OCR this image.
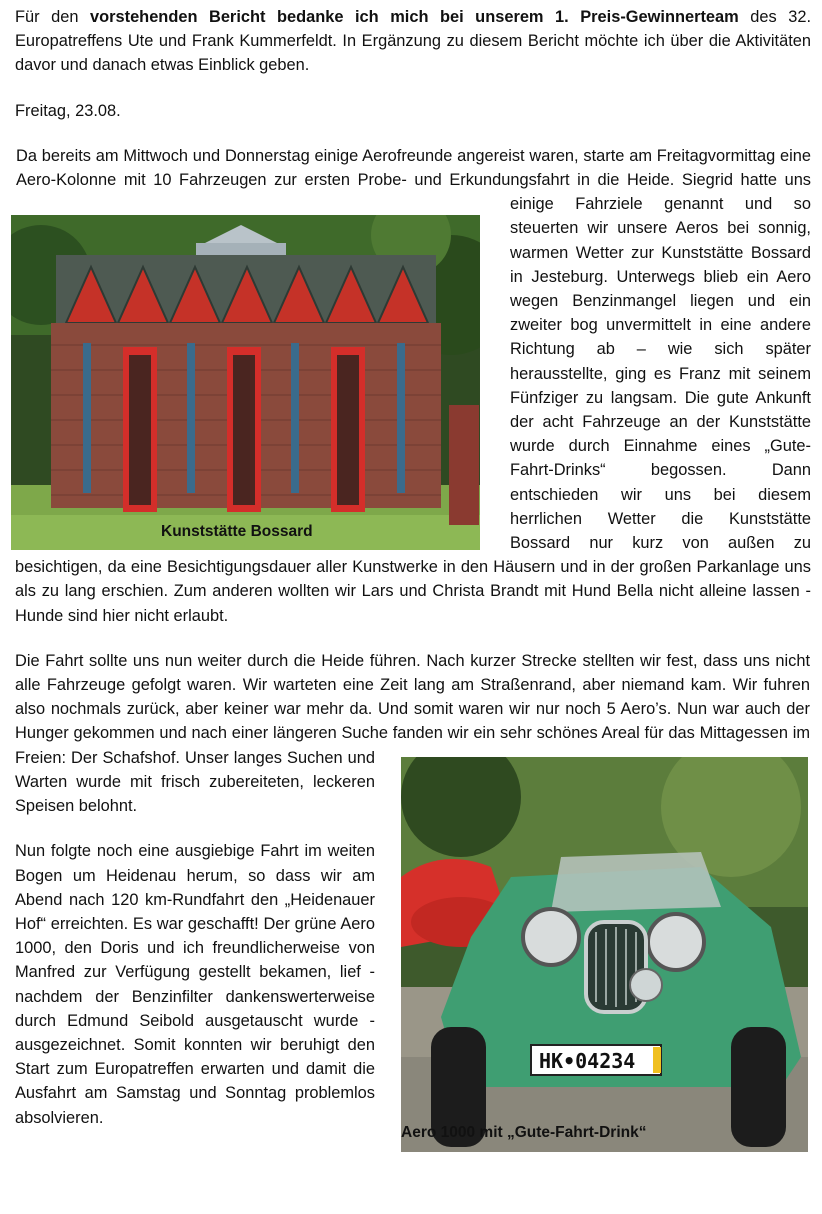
Für den vorstehenden Bericht bedanke ich mich bei unserem 1. Preis-Gewinnerteam des 32. Europatreffens Ute und Frank Kummerfeldt. In Ergänzung zu diesem Bericht möchte ich über die Aktivitäten davor und danach etwas Einblick geben.

Freitag, 23.08.

Kunststätte Bossard

Da bereits am Mittwoch und Donnerstag einige Aerofreunde angereist waren, starte am Freitagvormittag eine Aero-Kolonne mit 10 Fahrzeugen zur ersten Probe- und Erkundungsfahrt in die Heide. Siegrid hatte uns einige Fahrziele genannt und so steuerten wir unsere Aeros bei sonnig, warmen Wetter zur Kunststätte Bossard in Jesteburg. Unterwegs blieb ein Aero wegen Benzinmangel liegen und ein zweiter bog unvermittelt in eine andere Richtung ab – wie sich später herausstellte, ging es Franz mit seinem Fünfziger zu langsam. Die gute Ankunft der acht Fahrzeuge an der Kunststätte wurde durch Einnahme eines „Gute-Fahrt-Drinks“ begossen. Dann entschieden wir uns bei diesem herrlichen Wetter die Kunststätte Bossard nur kurz von außen zu besichtigen, da eine Besichtigungsdauer aller Kunstwerke in den Häusern und in der großen Parkanlage uns als zu lang erschien. Zum anderen wollten wir Lars und Christa Brandt mit Hund Bella nicht alleine lassen - Hunde sind hier nicht erlaubt.

HK•04234
Aero 1000 mit „Gute-Fahrt-Drink“

Die Fahrt sollte uns nun weiter durch die Heide führen. Nach kurzer Strecke stellten wir fest, dass uns nicht alle Fahrzeuge gefolgt waren. Wir warteten eine Zeit lang am Straßenrand, aber niemand kam. Wir fuhren also nochmals zurück, aber keiner war mehr da. Und somit waren wir nur noch 5 Aero’s. Nun war auch der Hunger gekommen und nach einer längeren Suche fanden wir ein sehr schönes Areal für das Mittagessen im Freien: Der Schafshof. Unser langes Suchen und Warten wurde mit frisch zubereiteten, leckeren Speisen belohnt.

Nun folgte noch eine ausgiebige Fahrt im weiten Bogen um Heidenau herum, so dass wir am Abend nach 120 km-Rundfahrt den „Heidenauer Hof“ erreichten. Es war geschafft! Der grüne Aero 1000, den Doris und ich freundlicherweise von Manfred zur Verfügung gestellt bekamen, lief - nachdem der Benzinfilter dankenswerterweise durch Edmund Seibold ausgetauscht wurde - ausgezeichnet. Somit konnten wir beruhigt den Start zum Europatreffen erwarten und damit die Ausfahrt am Samstag und Sonntag problemlos absolvieren.
